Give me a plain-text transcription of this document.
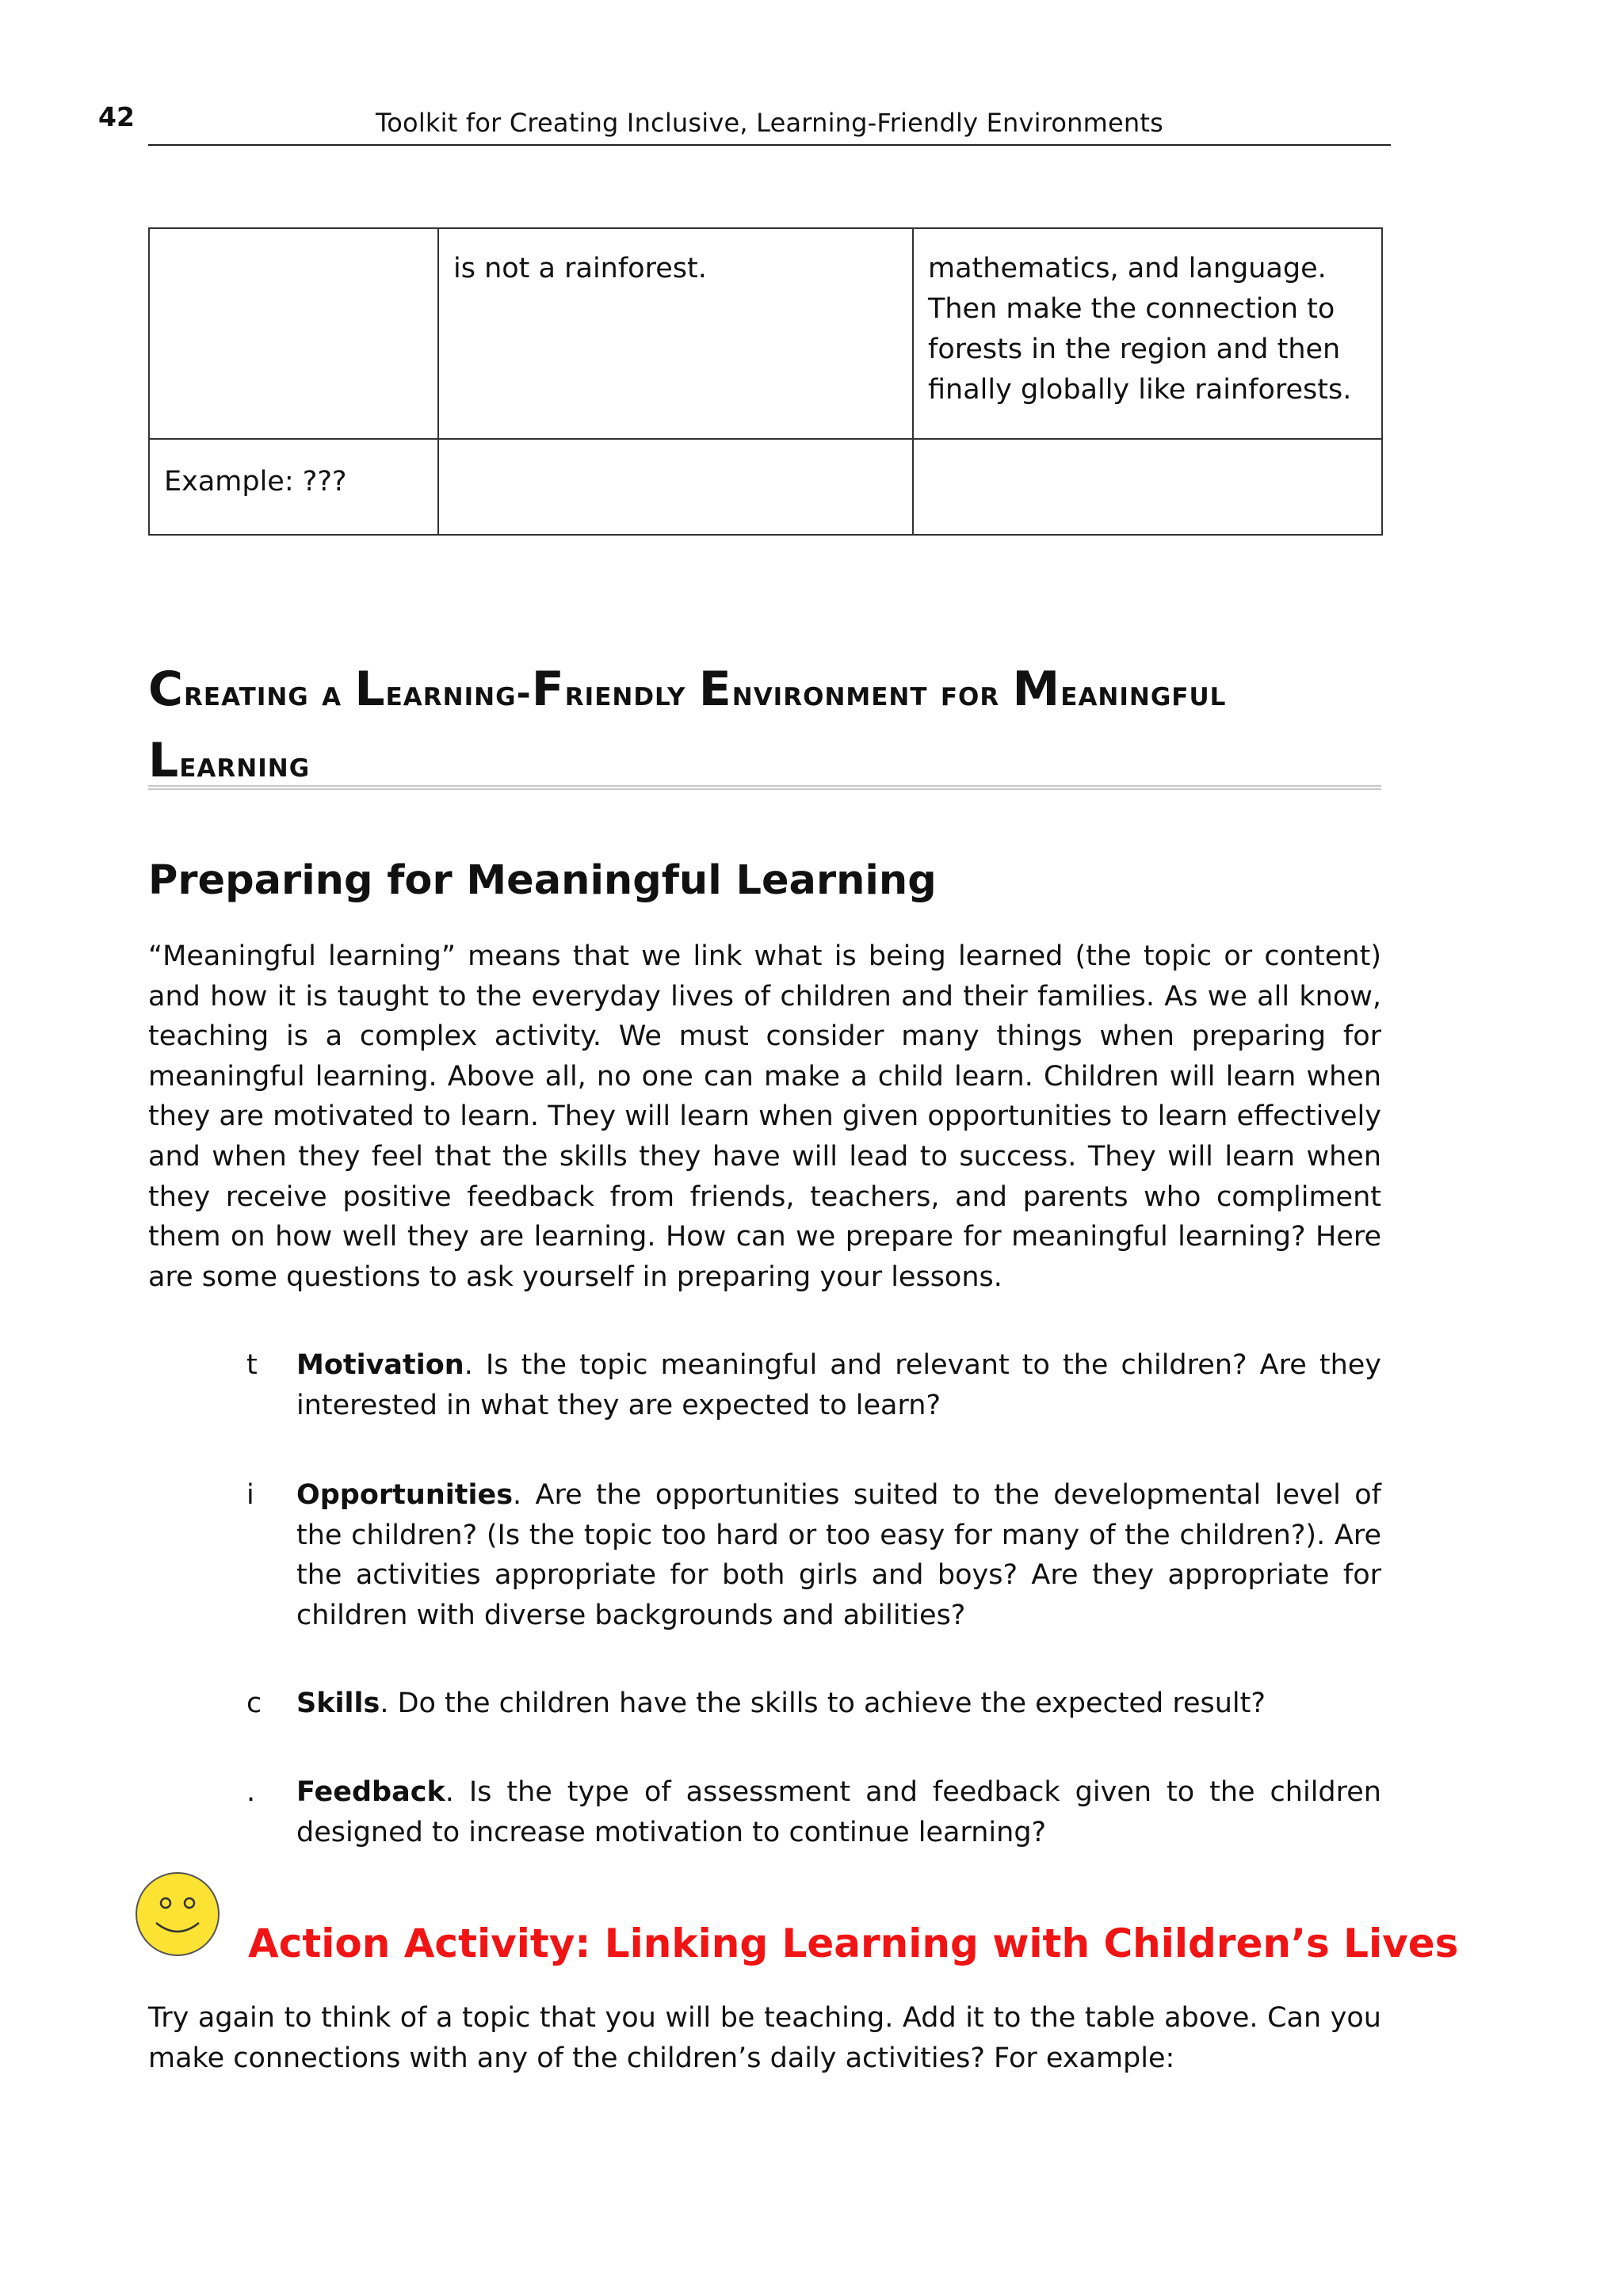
42	Toolkit for Creating Inclusive, Learning-Friendly Environments
	is not a rainforest.	mathematics, and language. Then make the connection to forests in the region and then finally globally like rainforests.
Example: ???		
Creating a Learning-Friendly Environment for Meaningful Learning
Preparing for Meaningful Learning
“Meaningful learning” means that we link what is being learned (the topic or content) and how it is taught to the everyday lives of children and their families. As we all know, teaching is a complex activity. We must consider many things when preparing for meaningful learning. Above all, no one can make a child learn. Children will learn when they are motivated to learn. They will learn when given opportunities to learn effectively and when they feel that the skills they have will lead to success. They will learn when they receive positive feedback from friends, teachers, and parents who compliment them on how well they are learning. How can we prepare for meaningful learning? Here are some questions to ask yourself in preparing your lessons.
t	Motivation. Is the topic meaningful and relevant to the children? Are they interested in what they are expected to learn?
i	Opportunities. Are the opportunities suited to the developmental level of the children? (Is the topic too hard or too easy for many of the children?). Are the activities appropriate for both girls and boys? Are they appropriate for children with diverse backgrounds and abilities?
c	Skills. Do the children have the skills to achieve the expected result?
.	Feedback. Is the type of assessment and feedback given to the children designed to increase motivation to continue learning?
Action Activity: Linking Learning with Children’s Lives
Try again to think of a topic that you will be teaching. Add it to the table above. Can you make connections with any of the children’s daily activities? For example:
